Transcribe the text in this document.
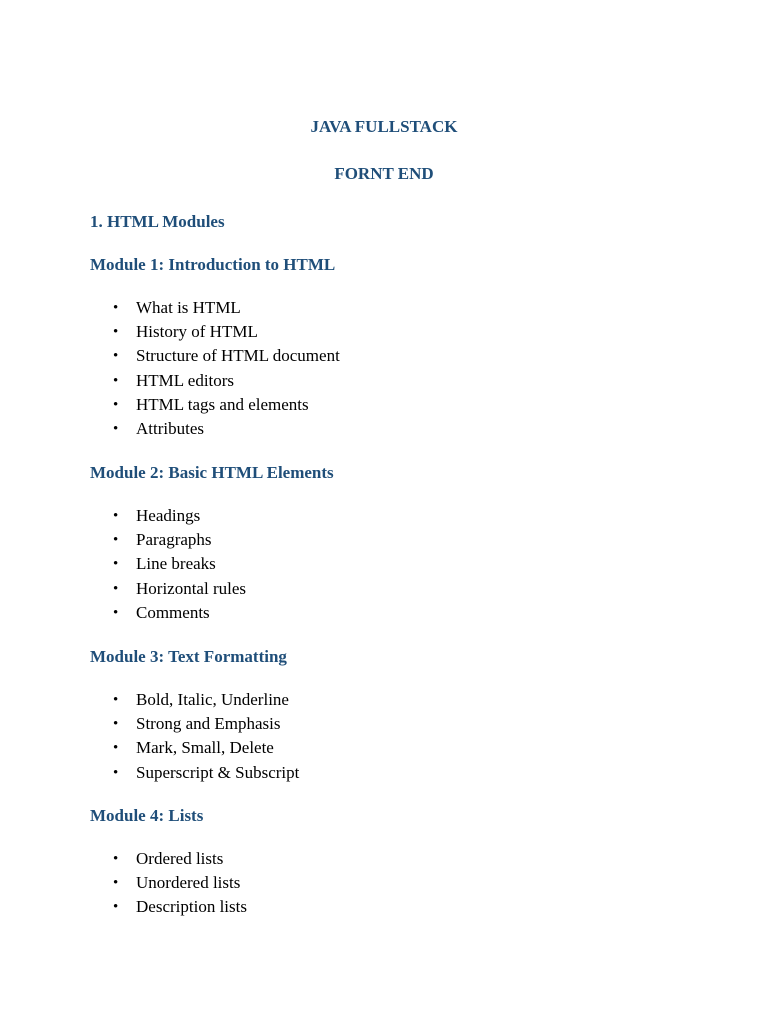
JAVA FULLSTACK
FORNT END
1. HTML Modules
Module 1: Introduction to HTML
• What is HTML
• History of HTML
• Structure of HTML document
• HTML editors
• HTML tags and elements
• Attributes
Module 2: Basic HTML Elements
• Headings
• Paragraphs
• Line breaks
• Horizontal rules
• Comments
Module 3: Text Formatting
• Bold, Italic, Underline
• Strong and Emphasis
• Mark, Small, Delete
• Superscript & Subscript
Module 4: Lists
• Ordered lists
• Unordered lists
• Description lists
